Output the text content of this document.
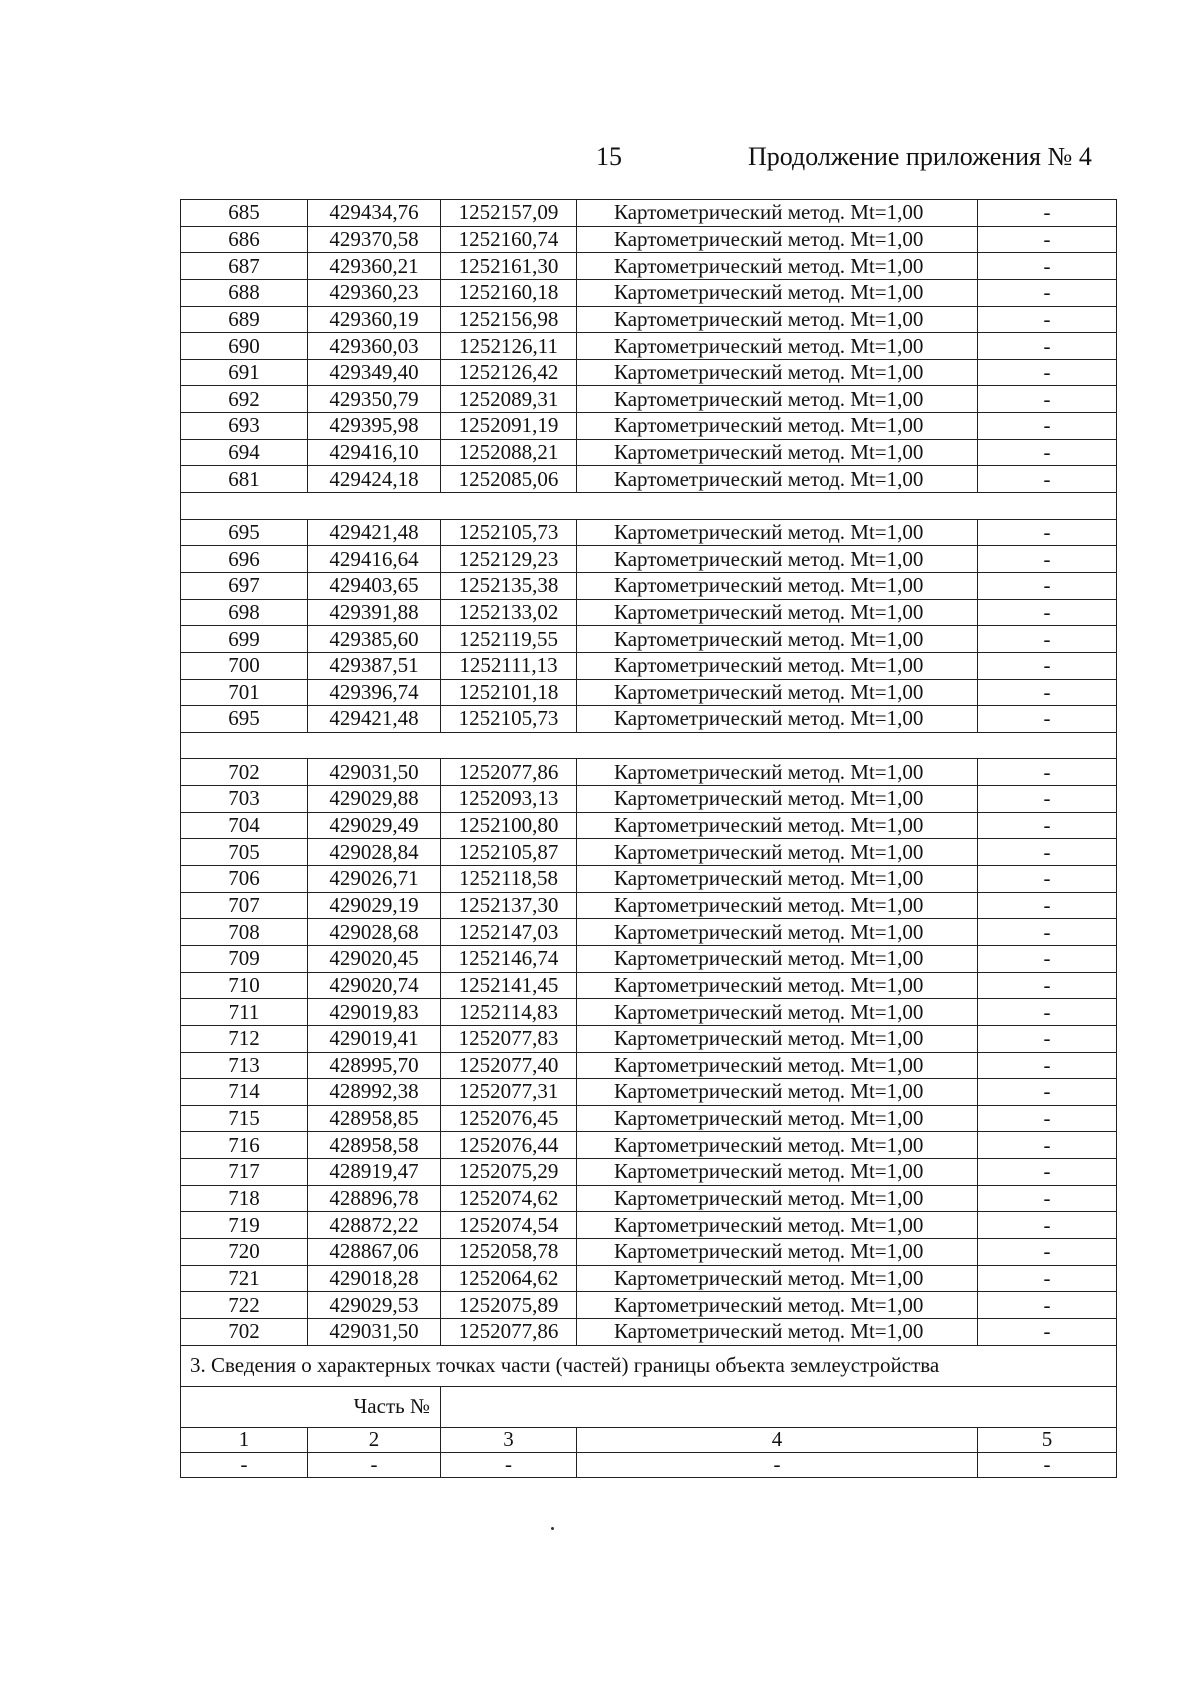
15	Продолжение приложения № 4
685	429434,76	1252157,09	Картометрический метод. Mt=1,00	-
686	429370,58	1252160,74	Картометрический метод. Mt=1,00	-
687	429360,21	1252161,30	Картометрический метод. Mt=1,00	-
688	429360,23	1252160,18	Картометрический метод. Mt=1,00	-
689	429360,19	1252156,98	Картометрический метод. Mt=1,00	-
690	429360,03	1252126,11	Картометрический метод. Mt=1,00	-
691	429349,40	1252126,42	Картометрический метод. Mt=1,00	-
692	429350,79	1252089,31	Картометрический метод. Mt=1,00	-
693	429395,98	1252091,19	Картометрический метод. Mt=1,00	-
694	429416,10	1252088,21	Картометрический метод. Mt=1,00	-
681	429424,18	1252085,06	Картометрический метод. Mt=1,00	-

695	429421,48	1252105,73	Картометрический метод. Mt=1,00	-
696	429416,64	1252129,23	Картометрический метод. Mt=1,00	-
697	429403,65	1252135,38	Картометрический метод. Mt=1,00	-
698	429391,88	1252133,02	Картометрический метод. Mt=1,00	-
699	429385,60	1252119,55	Картометрический метод. Mt=1,00	-
700	429387,51	1252111,13	Картометрический метод. Mt=1,00	-
701	429396,74	1252101,18	Картометрический метод. Mt=1,00	-
695	429421,48	1252105,73	Картометрический метод. Mt=1,00	-

702	429031,50	1252077,86	Картометрический метод. Mt=1,00	-
703	429029,88	1252093,13	Картометрический метод. Mt=1,00	-
704	429029,49	1252100,80	Картометрический метод. Mt=1,00	-
705	429028,84	1252105,87	Картометрический метод. Mt=1,00	-
706	429026,71	1252118,58	Картометрический метод. Mt=1,00	-
707	429029,19	1252137,30	Картометрический метод. Mt=1,00	-
708	429028,68	1252147,03	Картометрический метод. Mt=1,00	-
709	429020,45	1252146,74	Картометрический метод. Mt=1,00	-
710	429020,74	1252141,45	Картометрический метод. Mt=1,00	-
711	429019,83	1252114,83	Картометрический метод. Mt=1,00	-
712	429019,41	1252077,83	Картометрический метод. Mt=1,00	-
713	428995,70	1252077,40	Картометрический метод. Mt=1,00	-
714	428992,38	1252077,31	Картометрический метод. Mt=1,00	-
715	428958,85	1252076,45	Картометрический метод. Mt=1,00	-
716	428958,58	1252076,44	Картометрический метод. Mt=1,00	-
717	428919,47	1252075,29	Картометрический метод. Mt=1,00	-
718	428896,78	1252074,62	Картометрический метод. Mt=1,00	-
719	428872,22	1252074,54	Картометрический метод. Mt=1,00	-
720	428867,06	1252058,78	Картометрический метод. Mt=1,00	-
721	429018,28	1252064,62	Картометрический метод. Mt=1,00	-
722	429029,53	1252075,89	Картометрический метод. Mt=1,00	-
702	429031,50	1252077,86	Картометрический метод. Mt=1,00	-
3. Сведения о характерных точках части (частей) границы объекта землеустройства				
Часть №				
1	2	3	4	5
-	-	-	-	-
